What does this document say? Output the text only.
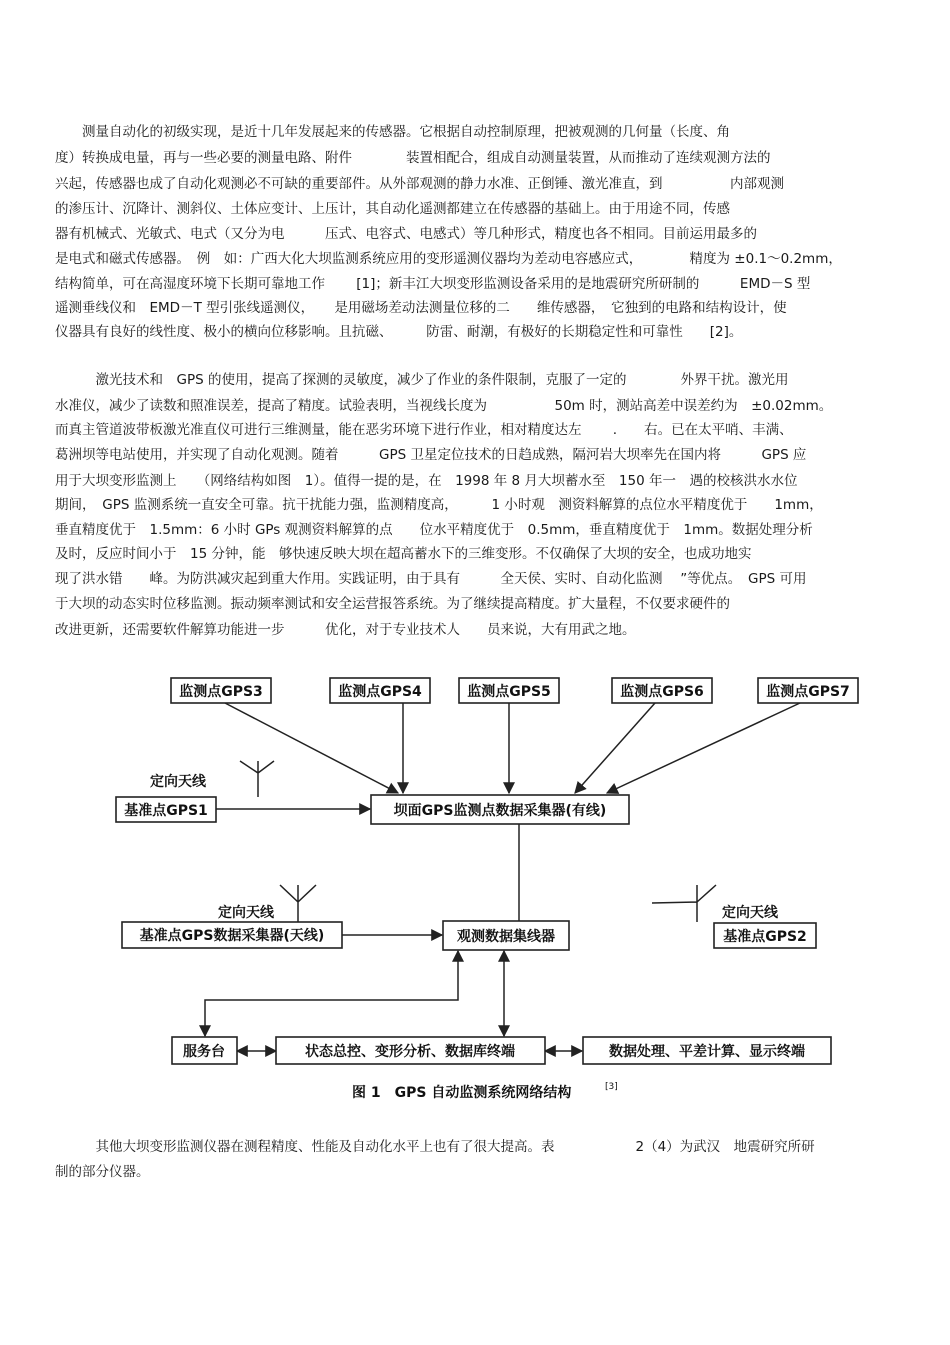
　　测量自动化的初级实现，是近十几年发展起来的传感器。它根据自动控制原理，把被观测的几何量（长度、角
度）转换成电量，再与一些必要的测量电路、附件　　　　装置相配合，组成自动测量装置，从而推动了连续观测方法的
兴起，传感器也成了自动化观测必不可缺的重要部件。从外部观测的静力水准、正倒锤、激光准直，到　　　　　内部观测
的渗压计、沉降计、测斜仪、土体应变计、上压计，其自动化遥测都建立在传感器的基础上。由于用途不同，传感
器有机械式、光敏式、电式（又分为电　　　压式、电容式、电感式）等几种形式，精度也各不相同。目前运用最多的
是电式和磁式传感器。　例　如：广西大化大坝监测系统应用的变形遥测仪器均为差动电容感应式，　　　　精度为 ±0.1～0.2mm，
结构简单，可在高湿度环境下长期可靠地工作　　 [1]；新丰江大坝变形监测设备采用的是地震研究所研制的　　　EMD－S 型
遥测垂线仪和　EMD－T 型引张线遥测仪，　　是用磁场差动法测量位移的二　　维传感器，　它独到的电路和结构设计，使
仪器具有良好的线性度、极小的横向位移影响。且抗磁、　　　防雷、耐潮，有极好的长期稳定性和可靠性　　[2]。
　　　激光技术和　GPS 的使用，提高了探测的灵敏度，减少了作业的条件限制，克服了一定的　　　　外界干扰。激光用
水准仪，减少了读数和照准误差，提高了精度。试验表明，当视线长度为　　　　　50m 时，测站高差中误差约为　±0.02mm。
而真主管道波带板激光准直仪可进行三维测量，能在恶劣环境下进行作业，相对精度达左　　 .　　右。已在太平哨、丰满、
葛洲坝等电站使用，并实现了自动化观测。随着　　　GPS 卫星定位技术的日趋成熟，隔河岩大坝率先在国内将　　　GPS 应
用于大坝变形监测上　　（网络结构如图　1）。值得一提的是，在　1998 年 8 月大坝蓄水至　150 年一　遇的校核洪水水位
期间，　GPS 监测系统一直安全可靠。抗干扰能力强，监测精度高，　　　1 小时观　测资料解算的点位水平精度优于　　1mm，
垂直精度优于　1.5mm：6 小时 GPs 观测资料解算的点　　位水平精度优于　0.5mm，垂直精度优于　1mm。数据处理分析
及时，反应时间小于　15 分钟，能　够快速反映大坝在超高蓄水下的三维变形。不仅确保了大坝的安全，也成功地实
现了洪水错　　峰。为防洪减灾起到重大作用。实践证明，由于具有　　　全天侯、实时、自动化监测　 ”等优点。　GPS 可用
于大坝的动态实时位移监测。振动频率测试和安全运营报答系统。为了继续提高精度。扩大量程，不仅要求硬件的
改进更新，还需要软件解算功能进一步　　　优化，对于专业技术人　　员来说，大有用武之地。
定向天线
定向天线	定向天线
监测点GPS3	监测点GPS4	监测点GPS5	监测点GPS6	监测点GPS7
基准点GPS1	坝面GPS监测点数据采集器(有线)
基准点GPS数据采集器(天线)	观测数据集线器	基准点GPS2
服务台	状态总控、变形分析、数据库终端	数据处理、平差计算、显示终端
图 1　GPS 自动监测系统网络结构	[3]
　　　其他大坝变形监测仪器在测程精度、性能及自动化水平上也有了很大提高。表　　　　　　2（4）为武汉　地震研究所研
制的部分仪器。
